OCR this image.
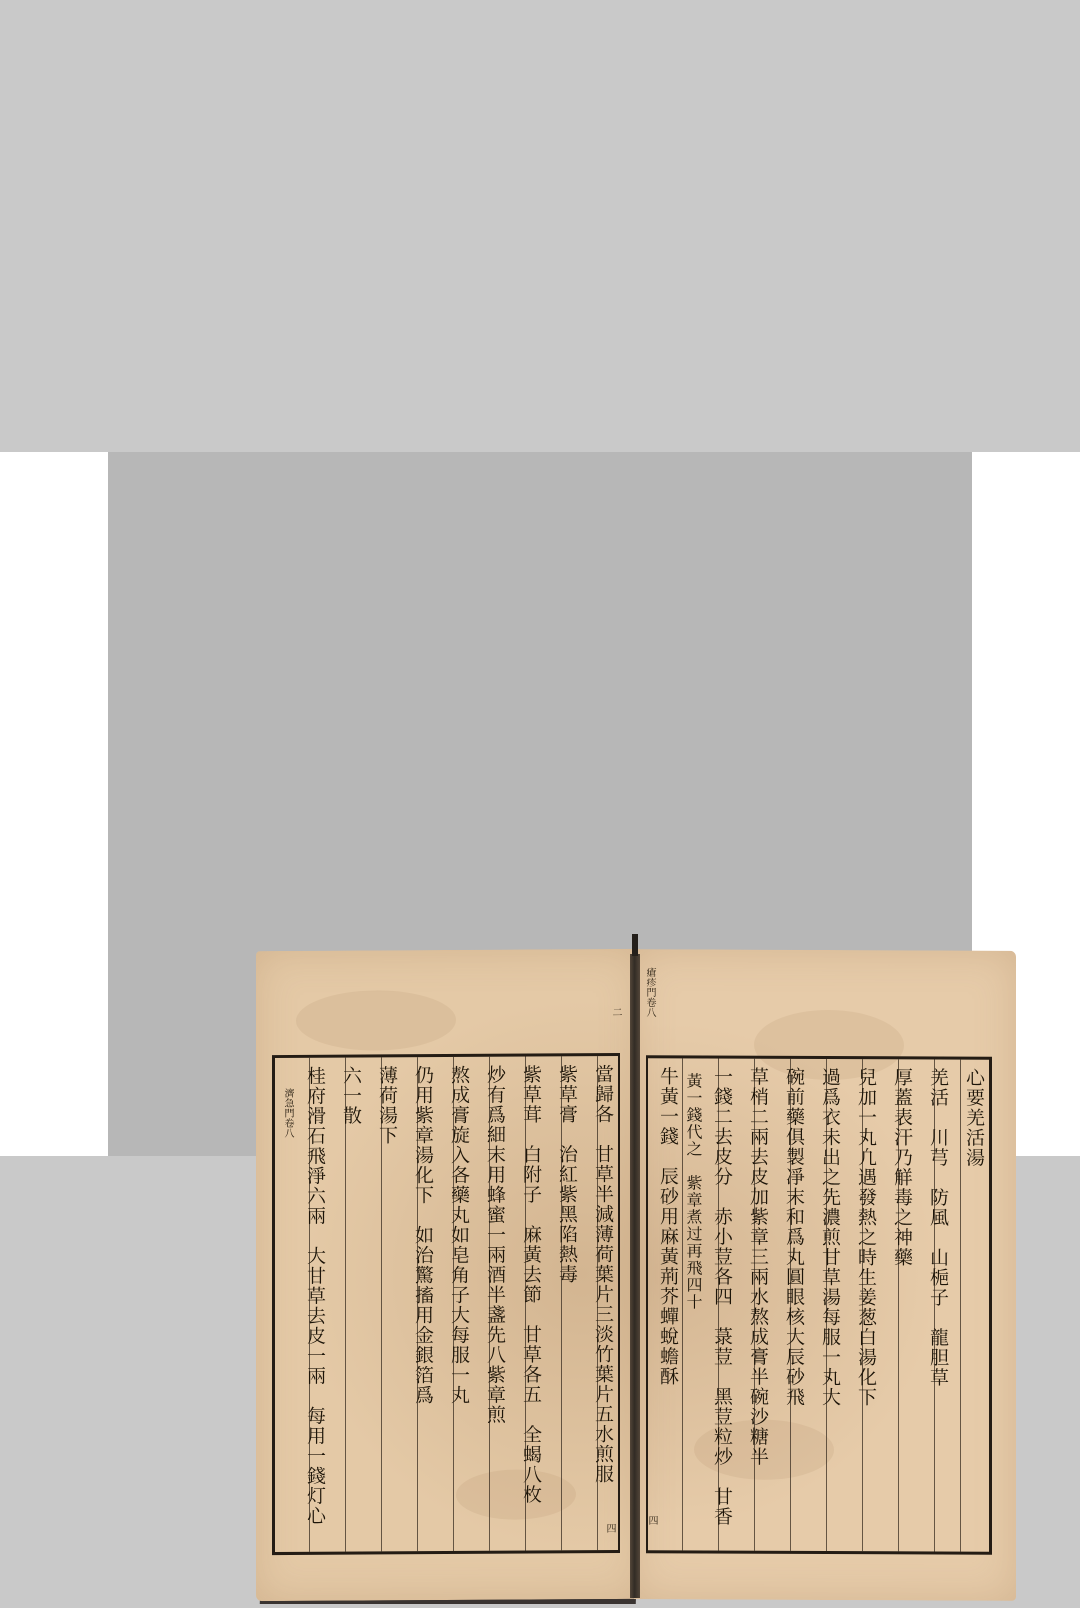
當歸各　甘草半減薄荷葉片三淡竹葉片五水煎服
紫草膏　治紅紫黑陷熱毒
紫草茸　白附子　麻黃去節　甘草各五　全蝎八枚
炒有爲細末用蜂蜜一兩酒半盞先八紫章煎
熬成膏旋入各藥丸如皂角子大每服一丸
仍用紫章湯化下　如治驚搐用金銀箔爲
薄荷湯下
六一散
桂府滑石飛淨六兩　大甘草去皮一兩　每用一錢灯心
濟急門卷八
二
四
心要羌活湯
羌活　川芎　防風　山梔子　龍胆草
厚蓋表汗乃觧毒之神藥
兒加一丸凢遇發熱之時生姜葱白湯化下
過爲衣未出之先濃煎甘草湯每服一丸大
碗前藥俱製凈末和爲丸圓眼核大辰砂飛
草梢二兩去皮加紫章三兩水熬成膏半碗沙糖半
一錢二去皮分　赤小荳各四　菉荳　黑荳粒炒　甘香
黃一錢代之　紫章煮过再飛四十
牛黃一錢　辰砂用麻黃荊芥蟬蛻蟾酥
瘡疹門卷八
四
